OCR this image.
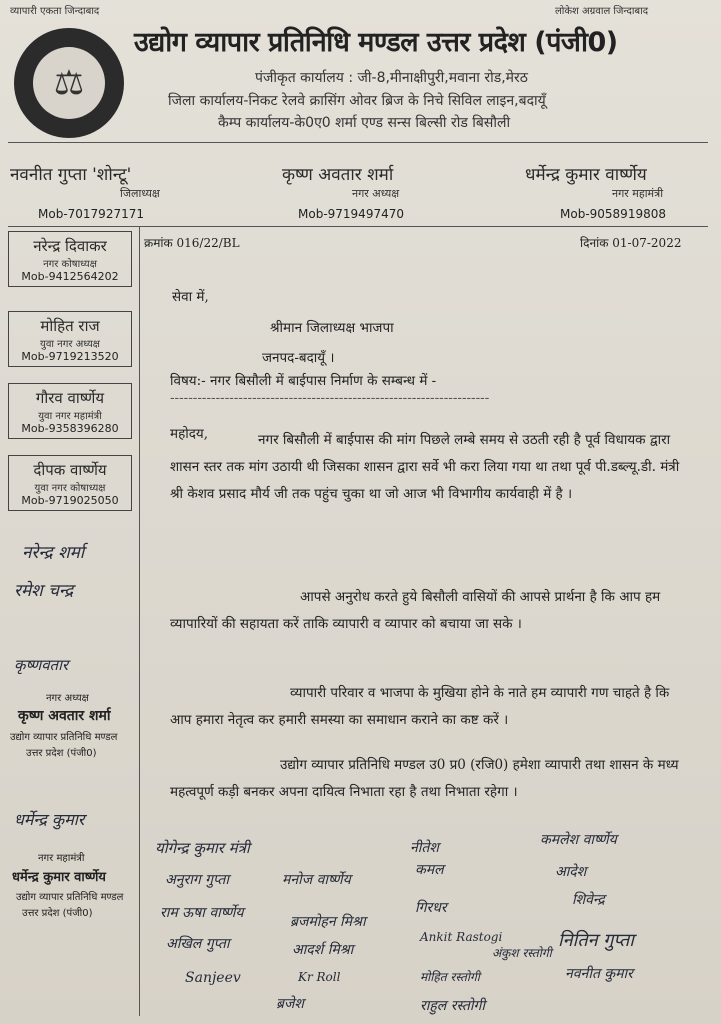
व्यापारी एकता जिन्दाबाद	लोकेश अग्रवाल जिन्दाबाद
⚖
उद्योग व्यापार प्रतिनिधि मण्डल उत्तर प्रदेश (पंजी0)
पंजीकृत कार्यालय : जी-8,मीनाक्षीपुरी,मवाना रोड,मेरठ
जिला कार्यालय-निकट रेलवे क्रासिंग ओवर ब्रिज के निचे सिविल लाइन,बदायूँ
कैम्प कार्यालय-के0ए0 शर्मा एण्ड सन्स बिल्सी रोड बिसौली
नवनीत गुप्ता 'शोन्टू'
जिलाध्यक्ष
Mob-7017927171
कृष्ण अवतार शर्मा
नगर अध्यक्ष
Mob-9719497470
धर्मेन्द्र कुमार वार्ष्णेय
नगर महामंत्री
Mob-9058919808
नरेन्द्र दिवाकर
नगर कोषाध्यक्ष
Mob-9412564202
मोहित राज
युवा नगर अध्यक्ष
Mob-9719213520
गौरव वार्ष्णेय
युवा नगर महामंत्री
Mob-9358396280
दीपक वार्ष्णेय
युवा नगर कोषाध्यक्ष
Mob-9719025050
क्रमांक 016/22/BL	दिनांक 01-07-2022
सेवा में,
श्रीमान जिलाध्यक्ष भाजपा
जनपद-बदायूँ ।
विषय:- नगर बिसौली में बाईपास निर्माण के सम्बन्ध में -
----------------------------------------------------------------------
महोदय,	नगर बिसौली में बाईपास की मांग पिछले लम्बे समय से उठती रही है पूर्व विधायक द्वारा शासन स्तर तक मांग उठायी थी जिसका शासन द्वारा सर्वे भी करा लिया गया था तथा पूर्व पी.डब्ल्यू.डी. मंत्री श्री केशव प्रसाद मौर्य जी तक पहुंच चुका था जो आज भी विभागीय कार्यवाही में है ।
आपसे अनुरोध करते हुये बिसौली वासियों की आपसे प्रार्थना है कि आप हम व्यापारियों की सहायता करें ताकि व्यापारी व व्यापार को बचाया जा सके ।
व्यापारी परिवार व भाजपा के मुखिया होने के नाते हम व्यापारी गण चाहते है कि आप हमारा नेतृत्व कर हमारी समस्या का समाधान कराने का कष्ट करें ।
उद्योग व्यापार प्रतिनिधि मण्डल उ0 प्र0 (रजि0) हमेशा व्यापारी तथा शासन के मध्य महत्वपूर्ण कड़ी बनकर अपना दायित्व निभाता रहा है तथा निभाता रहेगा ।
नरेन्द्र शर्मा
रमेश चन्द्र
कृष्णवतार
नगर अध्यक्ष
कृष्ण अवतार शर्मा
उद्योग व्यापार प्रतिनिधि मण्डल
उत्तर प्रदेश (पंजी0)
धर्मेन्द्र कुमार
नगर महामंत्री
धर्मेन्द्र कुमार वार्ष्णेय
उद्योग व्यापार प्रतिनिधि मण्डल
उत्तर प्रदेश (पंजी0)
योगेन्द्र कुमार मंत्री	नीतेश	कमलेश वार्ष्णेय
अनुराग गुप्ता	मनोज वार्ष्णेय
कमल	आदेश
राम ऊषा वार्ष्णेय
ब्रजमोहन मिश्रा
गिरधर	शिवेन्द्र
अखिल गुप्ता	आदर्श मिश्रा
Ankit Rastogi
अंकुश रस्तोगी
नितिन गुप्ता
Sanjeev	Kr Roll	मोहित रस्तोगी	नवनीत कुमार
ब्रजेश	राहुल रस्तोगी
